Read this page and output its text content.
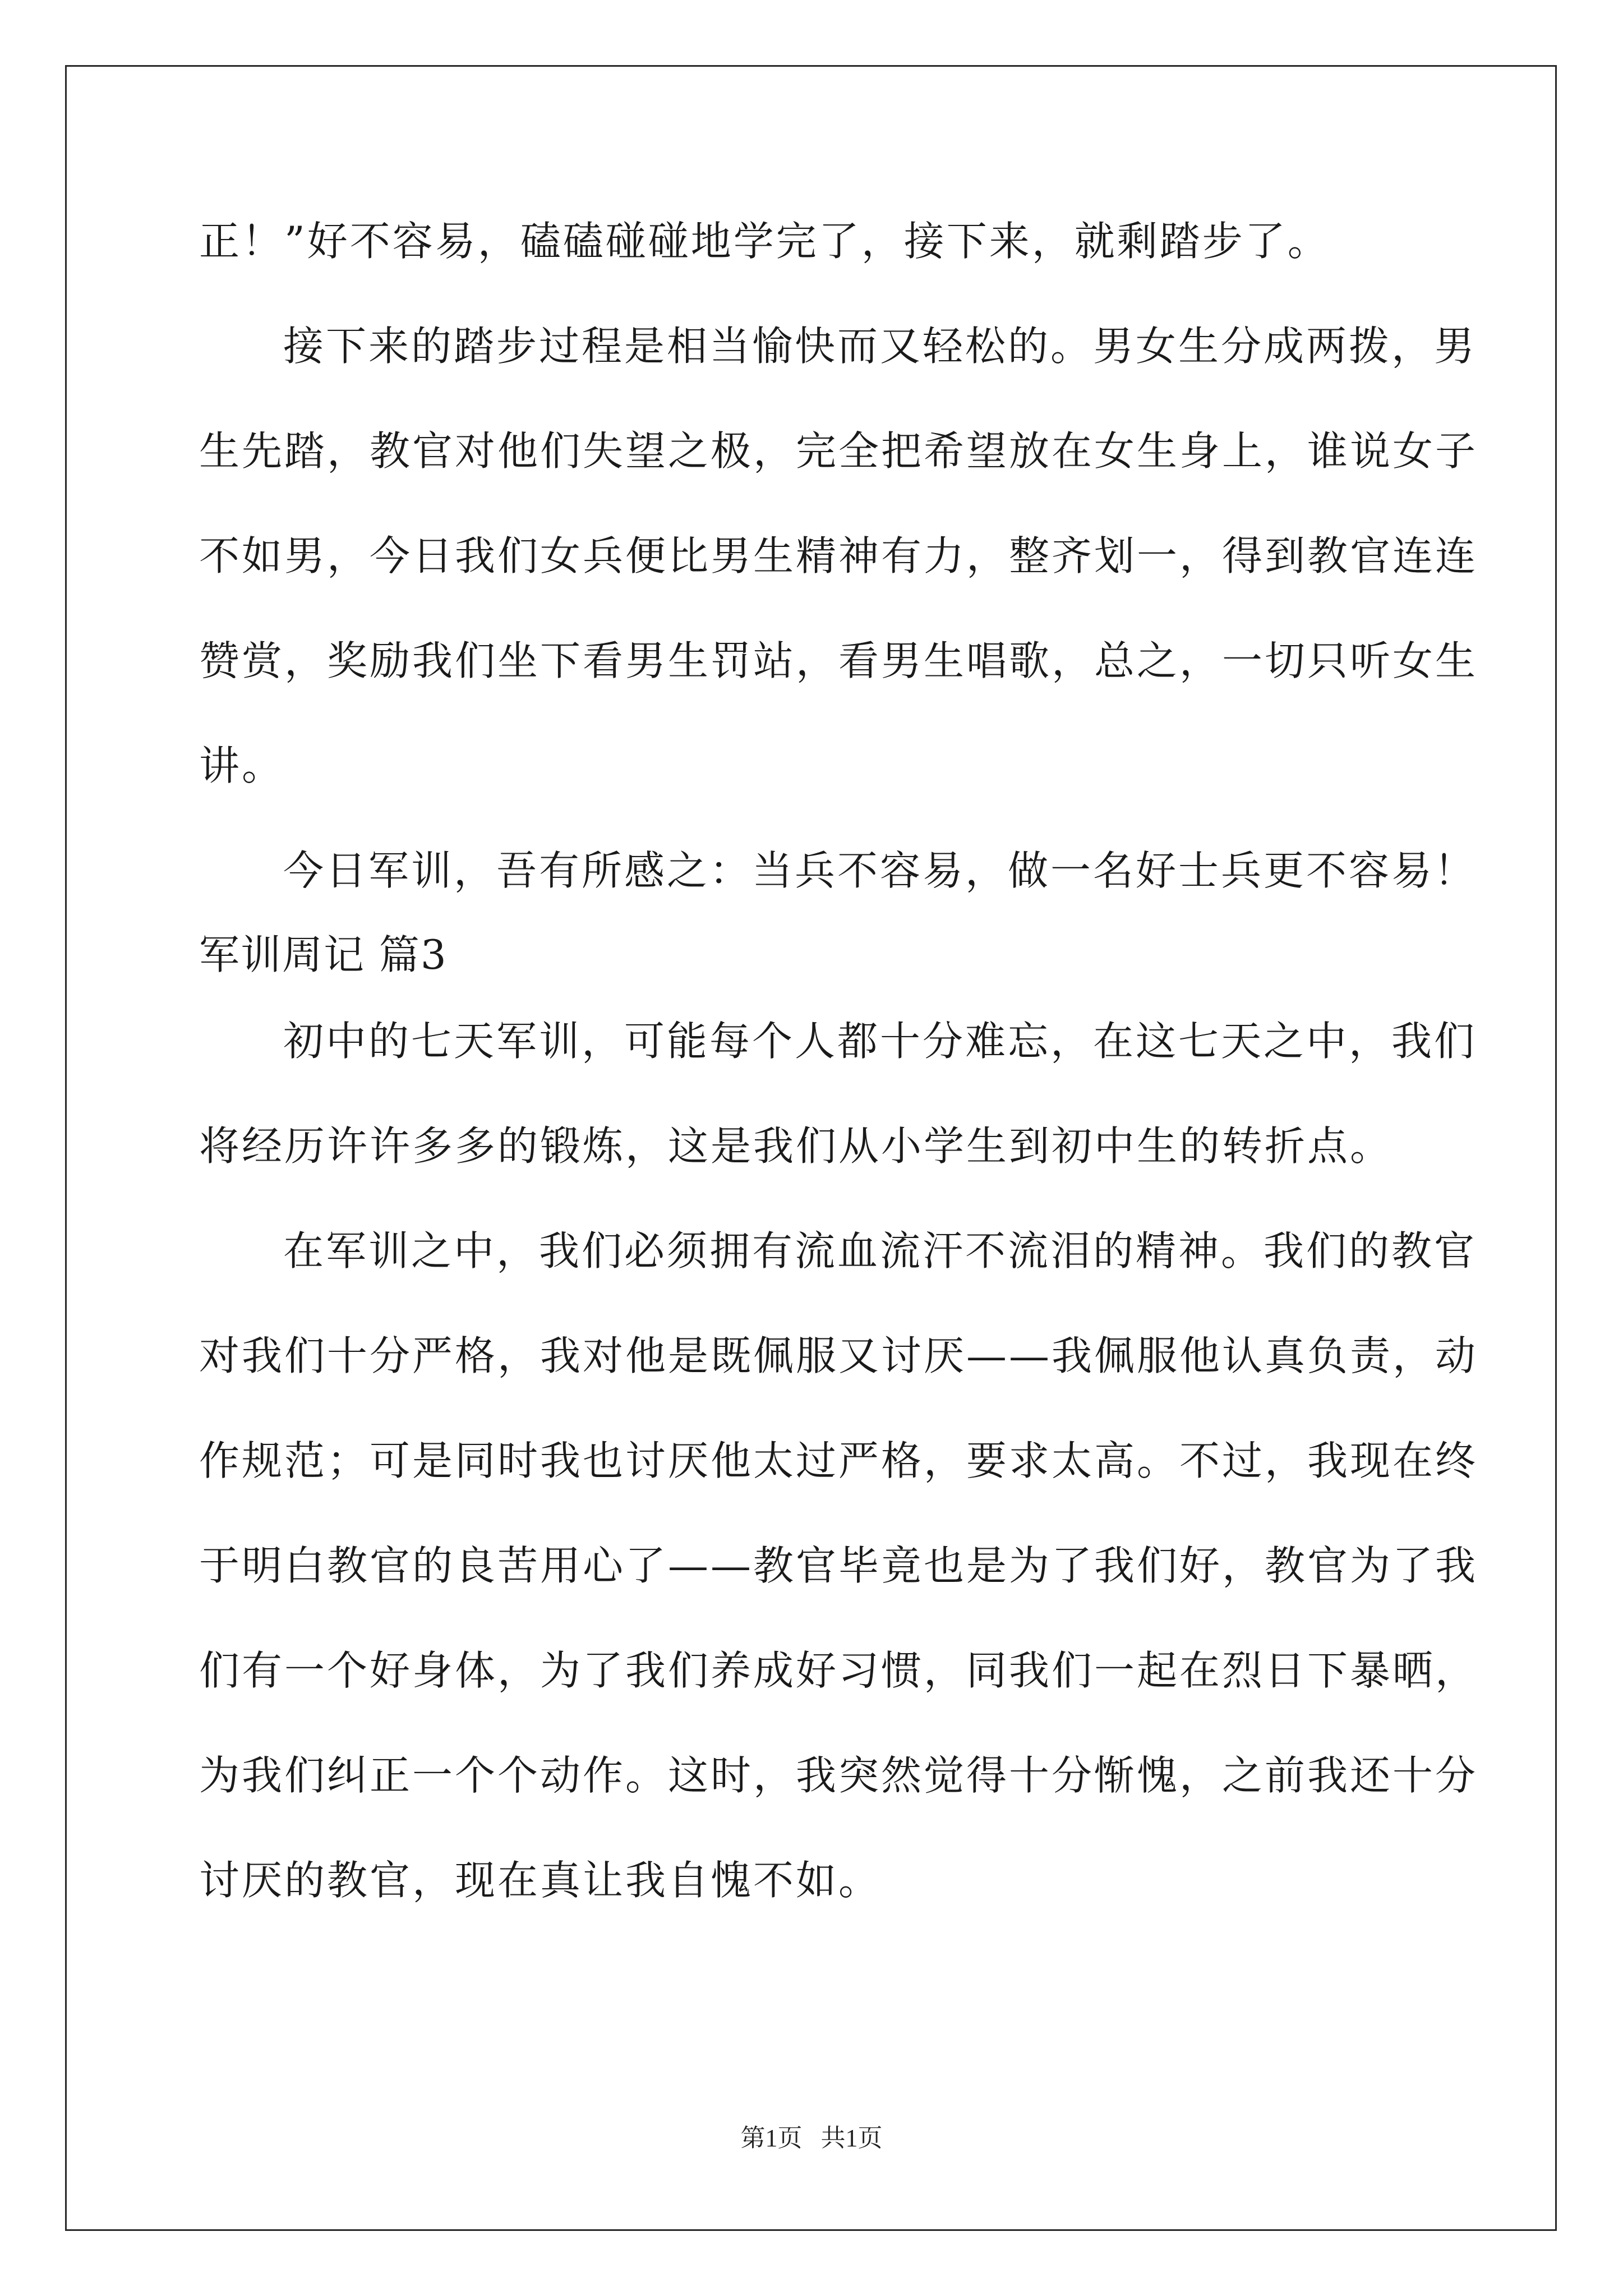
正！”好不容易，磕磕碰碰地学完了，接下来，就剩踏步了。
接下来的踏步过程是相当愉快而又轻松的。男女生分成两拨，男
生先踏，教官对他们失望之极，完全把希望放在女生身上，谁说女子
不如男，今日我们女兵便比男生精神有力，整齐划一，得到教官连连
赞赏，奖励我们坐下看男生罚站，看男生唱歌，总之，一切只听女生
讲。
今日军训，吾有所感之：当兵不容易，做一名好士兵更不容易！
军训周记 篇3
初中的七天军训，可能每个人都十分难忘，在这七天之中，我们
将经历许许多多的锻炼，这是我们从小学生到初中生的转折点。
在军训之中，我们必须拥有流血流汗不流泪的精神。我们的教官
对我们十分严格，我对他是既佩服又讨厌——我佩服他认真负责，动
作规范；可是同时我也讨厌他太过严格，要求太高。不过，我现在终
于明白教官的良苦用心了——教官毕竟也是为了我们好，教官为了我
们有一个好身体，为了我们养成好习惯，同我们一起在烈日下暴晒，
为我们纠正一个个动作。这时，我突然觉得十分惭愧，之前我还十分
讨厌的教官，现在真让我自愧不如。
第1页   共1页
